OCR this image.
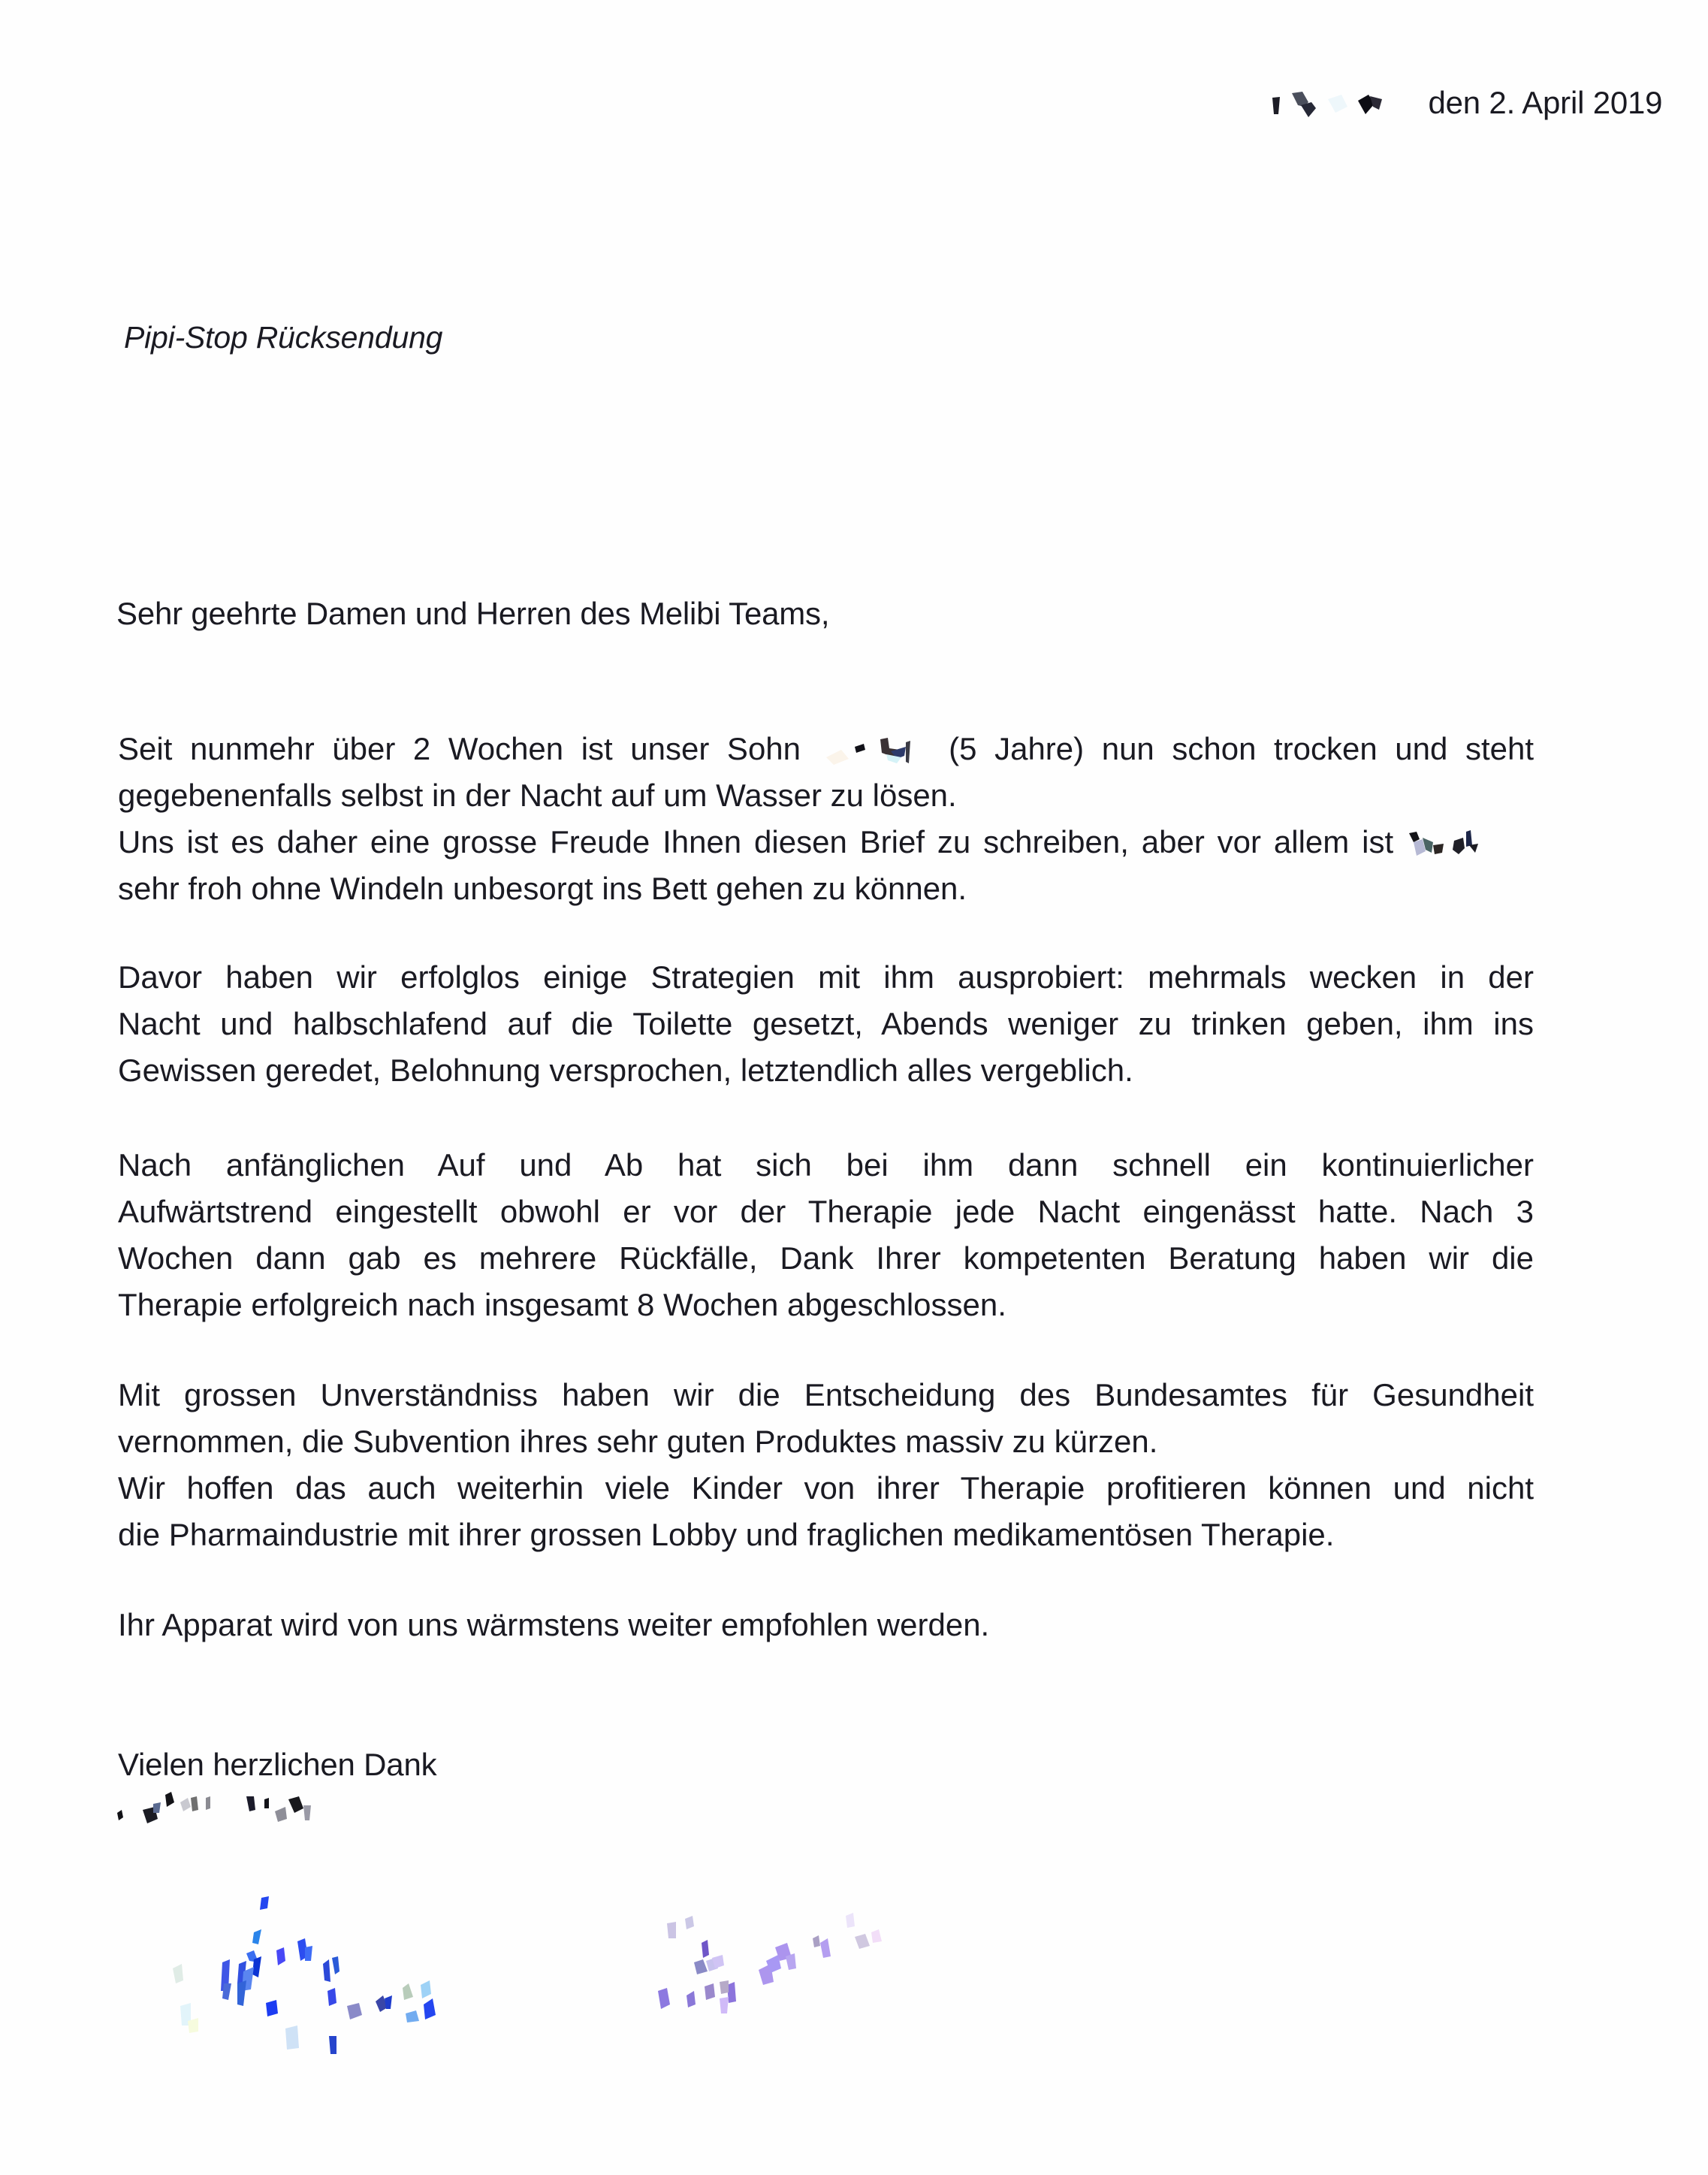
den 2. April 2019
Pipi-Stop Rücksendung
Sehr geehrte Damen und Herren des Melibi Teams,
Seit nunmehr über 2 Wochen ist unser Sohn	(5 Jahre) nun schon trocken und steht
gegebenenfalls selbst in der Nacht auf um Wasser zu lösen.
Uns ist es daher eine grosse Freude Ihnen diesen Brief zu schreiben, aber vor allem ist
sehr froh ohne Windeln unbesorgt ins Bett gehen zu können.
Davor haben wir erfolglos einige Strategien mit ihm ausprobiert: mehrmals wecken in der
Nacht und halbschlafend auf die Toilette gesetzt, Abends weniger zu trinken geben, ihm ins
Gewissen geredet, Belohnung versprochen, letztendlich alles vergeblich.
Nach anfänglichen Auf und Ab hat sich bei ihm dann schnell ein kontinuierlicher
Aufwärtstrend eingestellt obwohl er vor der Therapie jede Nacht eingenässt hatte. Nach 3
Wochen dann gab es mehrere Rückfälle, Dank Ihrer kompetenten Beratung haben wir die
Therapie erfolgreich nach insgesamt 8 Wochen abgeschlossen.
Mit grossen Unverständniss haben wir die Entscheidung des Bundesamtes für Gesundheit
vernommen, die Subvention ihres sehr guten Produktes massiv zu kürzen.
Wir hoffen das auch weiterhin viele Kinder von ihrer Therapie profitieren können und nicht
die Pharmaindustrie mit ihrer grossen Lobby und fraglichen medikamentösen Therapie.
Ihr Apparat wird von uns wärmstens weiter empfohlen werden.
Vielen herzlichen Dank
